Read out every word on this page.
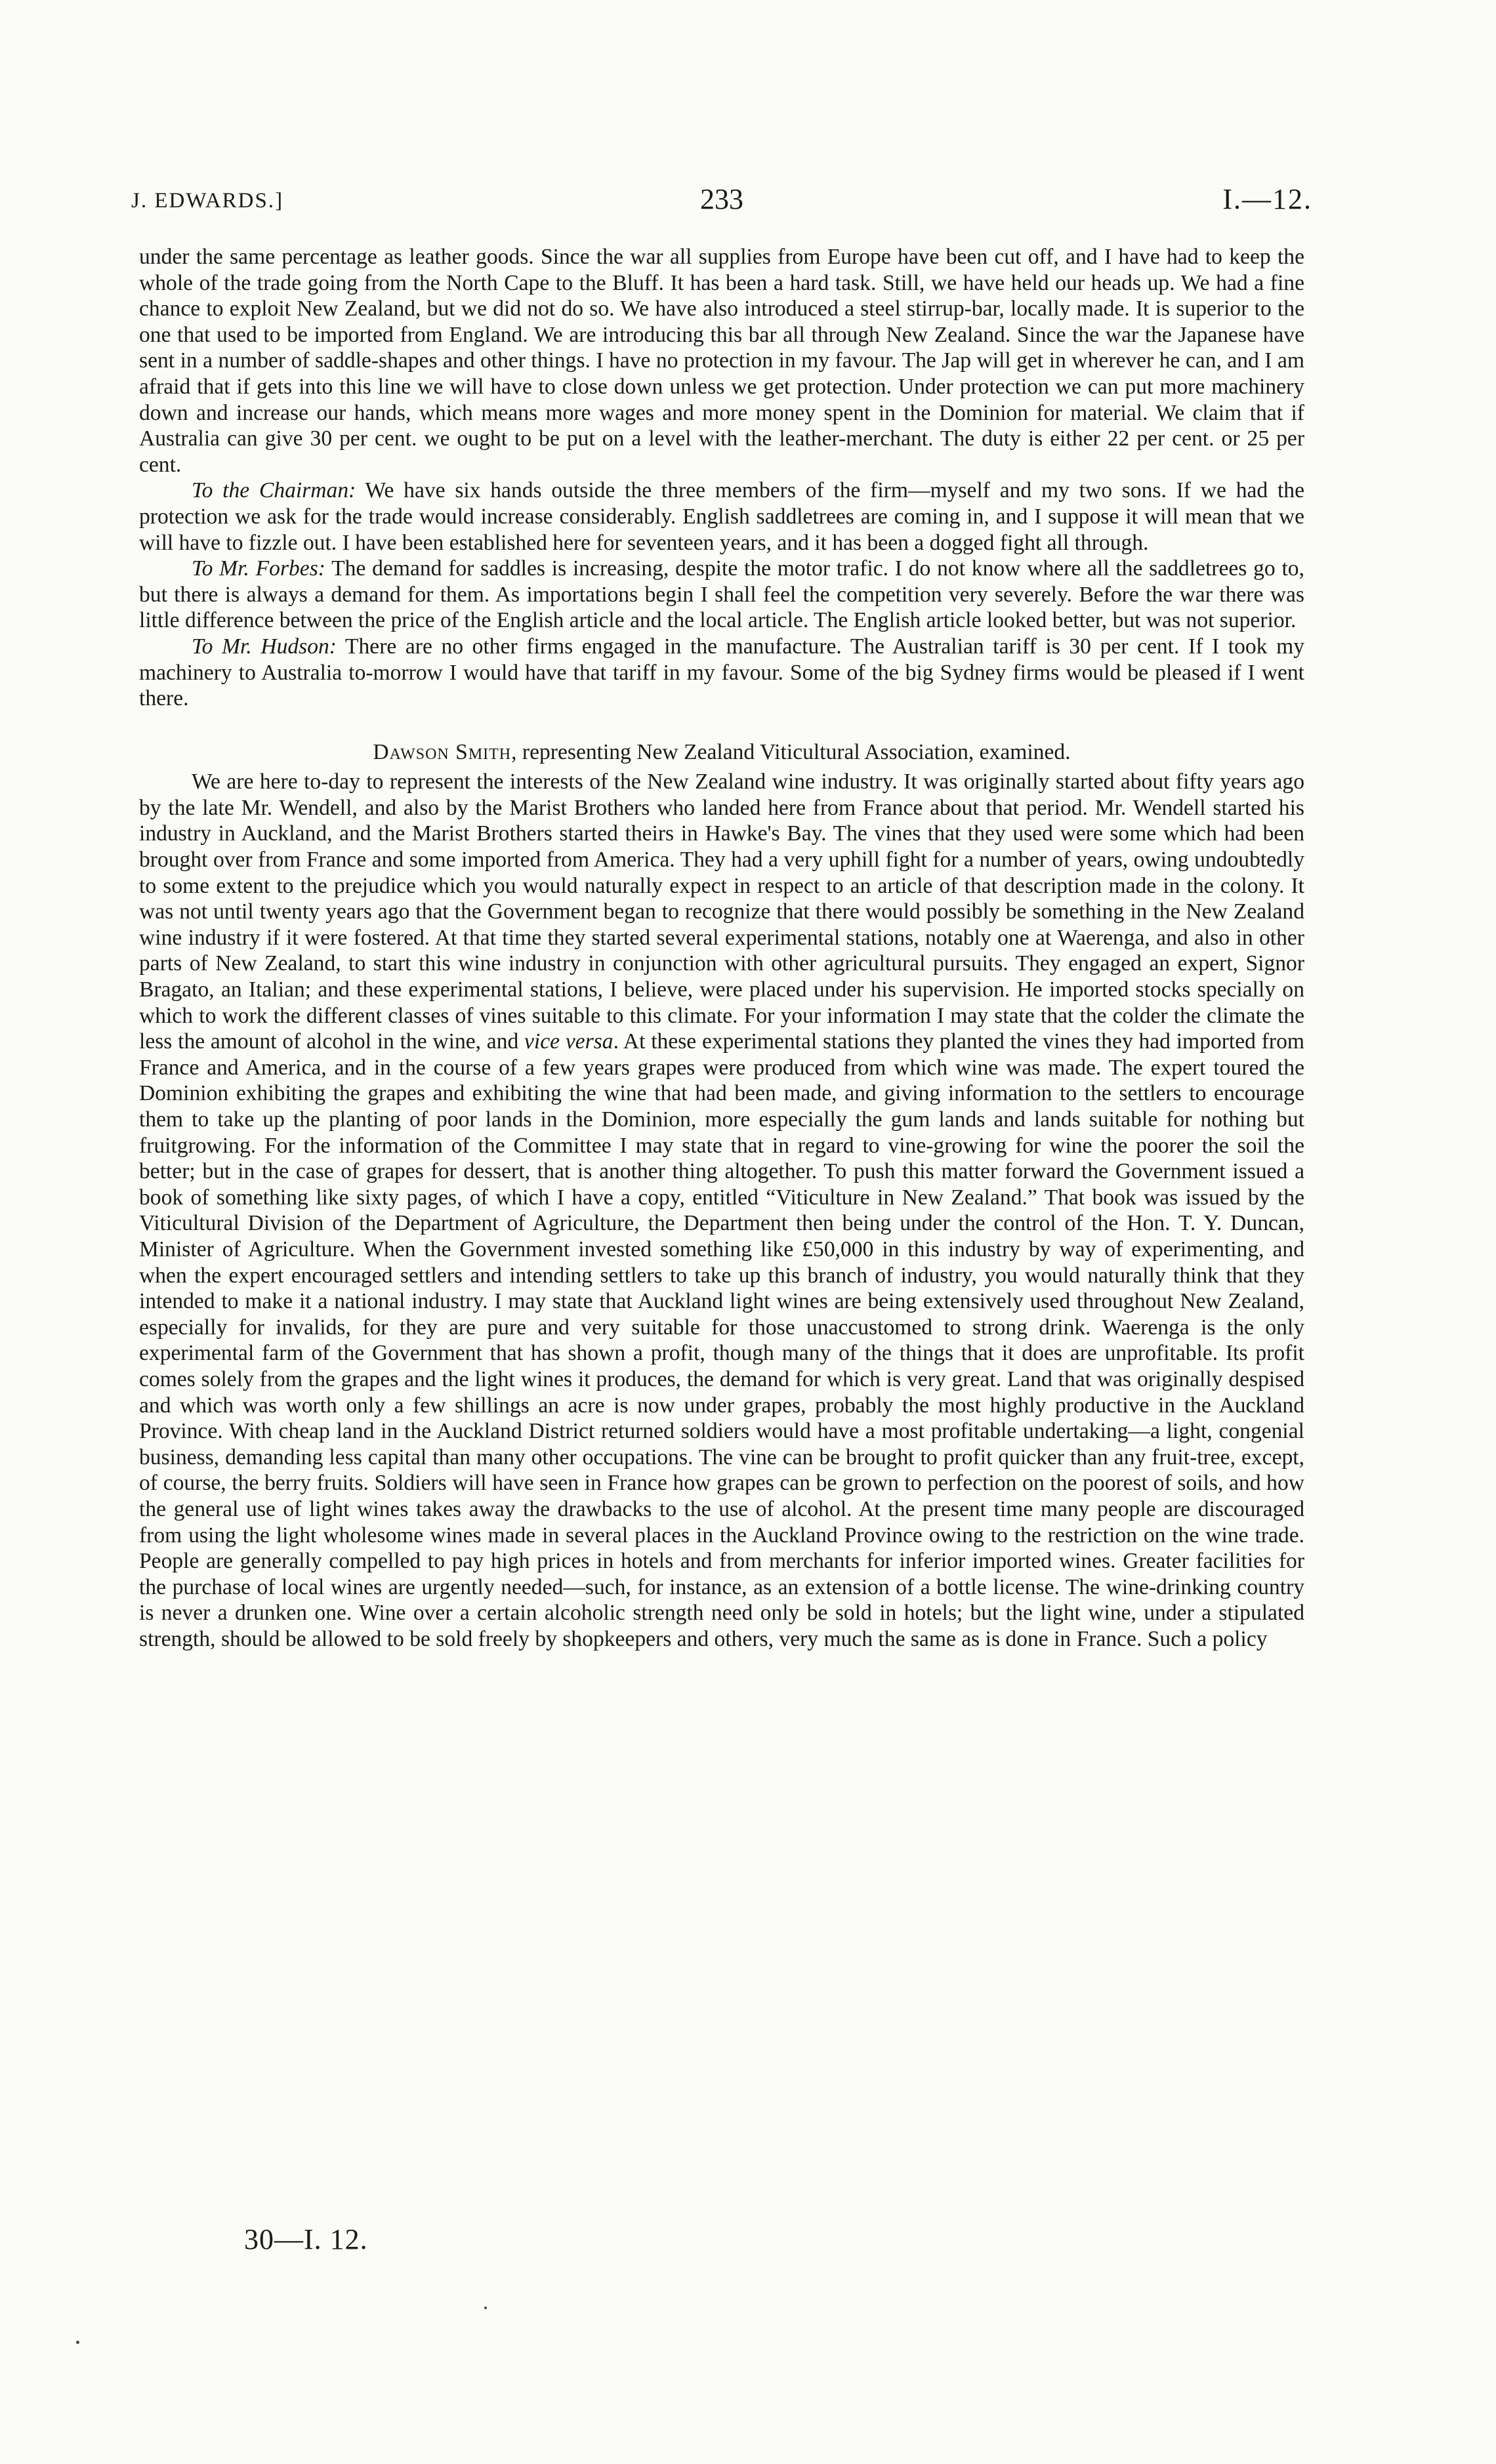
J. EDWARDS.]	233	I.—12.

under the same percentage as leather goods. Since the war all supplies from Europe have been cut off, and I have had to keep the whole of the trade going from the North Cape to the Bluff. It has been a hard task. Still, we have held our heads up. We had a fine chance to exploit New Zealand, but we did not do so. We have also introduced a steel stirrup-bar, locally made. It is superior to the one that used to be imported from England. We are introducing this bar all through New Zealand. Since the war the Japanese have sent in a number of saddle-shapes and other things. I have no protection in my favour. The Jap will get in wherever he can, and I am afraid that if gets into this line we will have to close down unless we get protection. Under protection we can put more machinery down and increase our hands, which means more wages and more money spent in the Dominion for material. We claim that if Australia can give 30 per cent. we ought to be put on a level with the leather-merchant. The duty is either 22 per cent. or 25 per cent.

To the Chairman: We have six hands outside the three members of the firm—myself and my two sons. If we had the protection we ask for the trade would increase considerably. English saddletrees are coming in, and I suppose it will mean that we will have to fizzle out. I have been established here for seventeen years, and it has been a dogged fight all through.

To Mr. Forbes: The demand for saddles is increasing, despite the motor trafic. I do not know where all the saddletrees go to, but there is always a demand for them. As importations begin I shall feel the competition very severely. Before the war there was little difference between the price of the English article and the local article. The English article looked better, but was not superior.

To Mr. Hudson: There are no other firms engaged in the manufacture. The Australian tariff is 30 per cent. If I took my machinery to Australia to-morrow I would have that tariff in my favour. Some of the big Sydney firms would be pleased if I went there.

Dawson Smith, representing New Zealand Viticultural Association, examined.

We are here to-day to represent the interests of the New Zealand wine industry. It was originally started about fifty years ago by the late Mr. Wendell, and also by the Marist Brothers who landed here from France about that period. Mr. Wendell started his industry in Auckland, and the Marist Brothers started theirs in Hawke's Bay. The vines that they used were some which had been brought over from France and some imported from America. They had a very uphill fight for a number of years, owing undoubtedly to some extent to the prejudice which you would naturally expect in respect to an article of that description made in the colony. It was not until twenty years ago that the Government began to recognize that there would possibly be something in the New Zealand wine industry if it were fostered. At that time they started several experimental stations, notably one at Waerenga, and also in other parts of New Zealand, to start this wine industry in conjunction with other agricultural pursuits. They engaged an expert, Signor Bragato, an Italian; and these experimental stations, I believe, were placed under his supervision. He imported stocks specially on which to work the different classes of vines suitable to this climate. For your information I may state that the colder the climate the less the amount of alcohol in the wine, and vice versa. At these experimental stations they planted the vines they had imported from France and America, and in the course of a few years grapes were produced from which wine was made. The expert toured the Dominion exhibiting the grapes and exhibiting the wine that had been made, and giving information to the settlers to encourage them to take up the planting of poor lands in the Dominion, more especially the gum lands and lands suitable for nothing but fruitgrowing. For the information of the Committee I may state that in regard to vine-growing for wine the poorer the soil the better; but in the case of grapes for dessert, that is another thing altogether. To push this matter forward the Government issued a book of something like sixty pages, of which I have a copy, entitled “Viticulture in New Zealand.” That book was issued by the Viticultural Division of the Department of Agriculture, the Department then being under the control of the Hon. T. Y. Duncan, Minister of Agriculture. When the Government invested something like £50,000 in this industry by way of experimenting, and when the expert encouraged settlers and intending settlers to take up this branch of industry, you would naturally think that they intended to make it a national industry. I may state that Auckland light wines are being extensively used throughout New Zealand, especially for invalids, for they are pure and very suitable for those unaccustomed to strong drink. Waerenga is the only experimental farm of the Government that has shown a profit, though many of the things that it does are unprofitable. Its profit comes solely from the grapes and the light wines it produces, the demand for which is very great. Land that was originally despised and which was worth only a few shillings an acre is now under grapes, probably the most highly productive in the Auckland Province. With cheap land in the Auckland District returned soldiers would have a most profitable undertaking—a light, congenial business, demanding less capital than many other occupations. The vine can be brought to profit quicker than any fruit-tree, except, of course, the berry fruits. Soldiers will have seen in France how grapes can be grown to perfection on the poorest of soils, and how the general use of light wines takes away the drawbacks to the use of alcohol. At the present time many people are discouraged from using the light wholesome wines made in several places in the Auckland Province owing to the restriction on the wine trade. People are generally compelled to pay high prices in hotels and from merchants for inferior imported wines. Greater facilities for the purchase of local wines are urgently needed—such, for instance, as an extension of a bottle license. The wine-drinking country is never a drunken one. Wine over a certain alcoholic strength need only be sold in hotels; but the light wine, under a stipulated strength, should be allowed to be sold freely by shopkeepers and others, very much the same as is done in France. Such a policy

30—I. 12.
